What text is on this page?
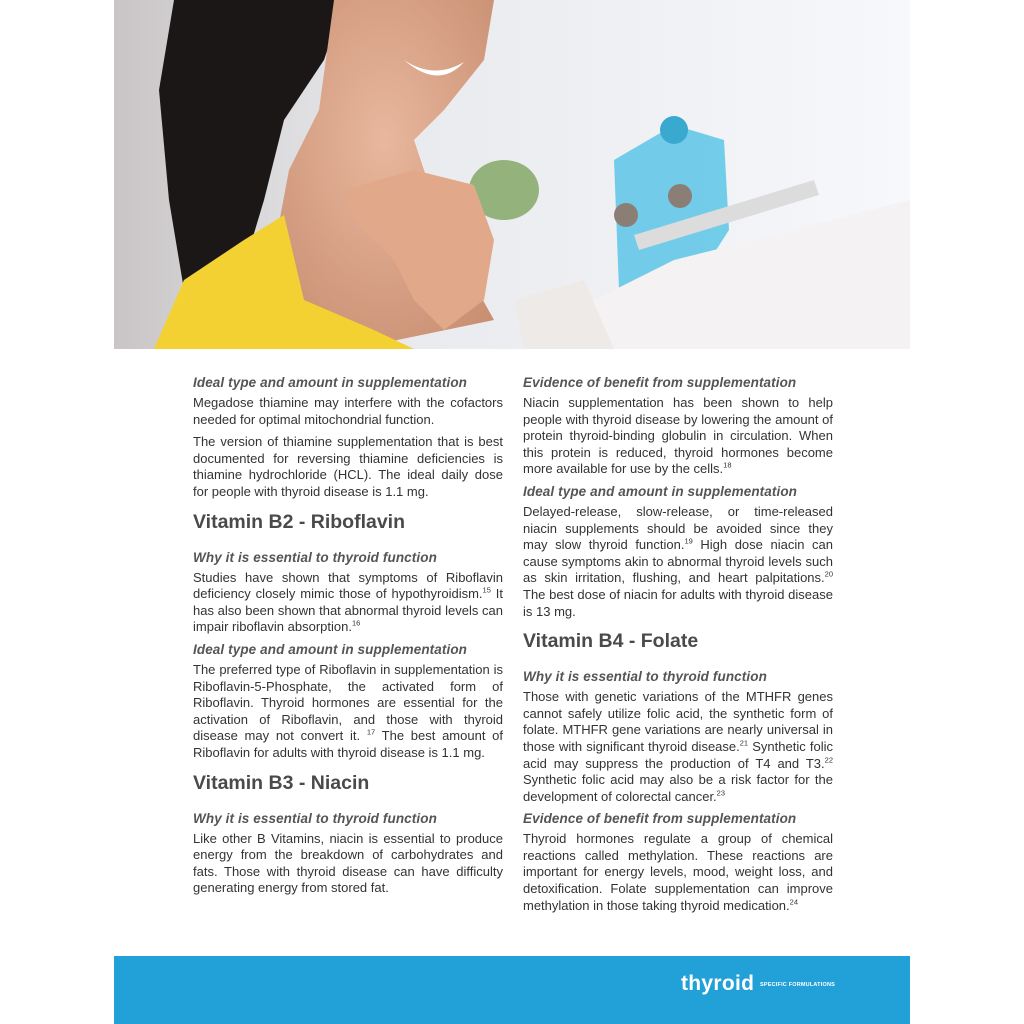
Ideal type and amount in supplementation

Megadose thiamine may interfere with the cofactors needed for optimal mitochondrial function.

The version of thiamine supplementation that is best documented for reversing thiamine deficiencies is thiamine hydrochloride (HCL). The ideal daily dose for people with thyroid disease is 1.1 mg.

Vitamin B2 - Riboflavin

Why it is essential to thyroid function

Studies have shown that symptoms of Riboflavin deficiency closely mimic those of hypothyroidism.$^{15}$ It has also been shown that abnormal thyroid levels can impair riboflavin absorption.$^{16}$

Ideal type and amount in supplementation

The preferred type of Riboflavin in supplementation is Riboflavin-5-Phosphate, the activated form of Riboflavin. Thyroid hormones are essential for the activation of Riboflavin, and those with thyroid disease may not convert it. $^{17}$ The best amount of Riboflavin for adults with thyroid disease is 1.1 mg.

Vitamin B3 - Niacin

Why it is essential to thyroid function

Like other B Vitamins, niacin is essential to produce energy from the breakdown of carbohydrates and fats. Those with thyroid disease can have difficulty generating energy from stored fat.

Evidence of benefit from supplementation

Niacin supplementation has been shown to help people with thyroid disease by lowering the amount of protein thyroid-binding globulin in circulation. When this protein is reduced, thyroid hormones become more available for use by the cells.$^{18}$

Ideal type and amount in supplementation

Delayed-release, slow-release, or time-released niacin supplements should be avoided since they may slow thyroid function.$^{19}$ High dose niacin can cause symptoms akin to abnormal thyroid levels such as skin irritation, flushing, and heart palpitations.$^{20}$ The best dose of niacin for adults with thyroid disease is 13 mg.

Vitamin B4 - Folate

Why it is essential to thyroid function

Those with genetic variations of the MTHFR genes cannot safely utilize folic acid, the synthetic form of folate. MTHFR gene variations are nearly universal in those with significant thyroid disease.$^{21}$ Synthetic folic acid may suppress the production of T4 and T3.22 Synthetic folic acid may also be a risk factor for the development of colorectal cancer.$^{23}$

Evidence of benefit from supplementation

Thyroid hormones regulate a group of chemical reactions called methylation. These reactions are important for energy levels, mood, weight loss, and detoxification. Folate supplementation can improve methylation in those taking thyroid medication.$^{24}$

thyroid SPECIFIC FORMULATIONS
